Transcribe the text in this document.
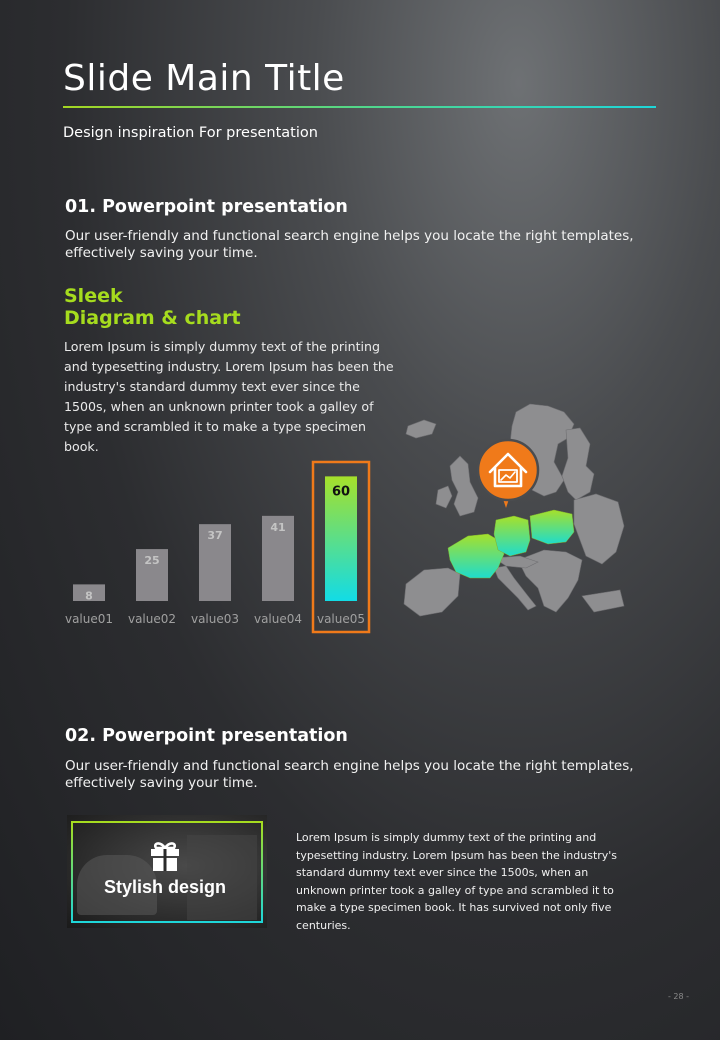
Slide Main Title
Design inspiration For presentation
01. Powerpoint presentation
Our user-friendly and functional search engine helps you locate the right templates, effectively saving your time.
Sleek
Diagram & chart
Lorem Ipsum is simply dummy text of the printing and typesetting industry. Lorem Ipsum has been the industry's standard dummy text ever since the 1500s, when an unknown printer took a galley of type and scrambled it to make a type specimen book.
8
value01
25
value02
37
value03
41
value04
60
value05
02. Powerpoint presentation
Our user-friendly and functional search engine helps you locate the right templates, effectively saving your time.
Stylish design
Lorem Ipsum is simply dummy text of the printing and typesetting industry. Lorem Ipsum has been the industry's standard dummy text ever since the 1500s, when an unknown printer took a galley of type and scrambled it to make a type specimen book. It has survived not only five centuries.
- 28 -
